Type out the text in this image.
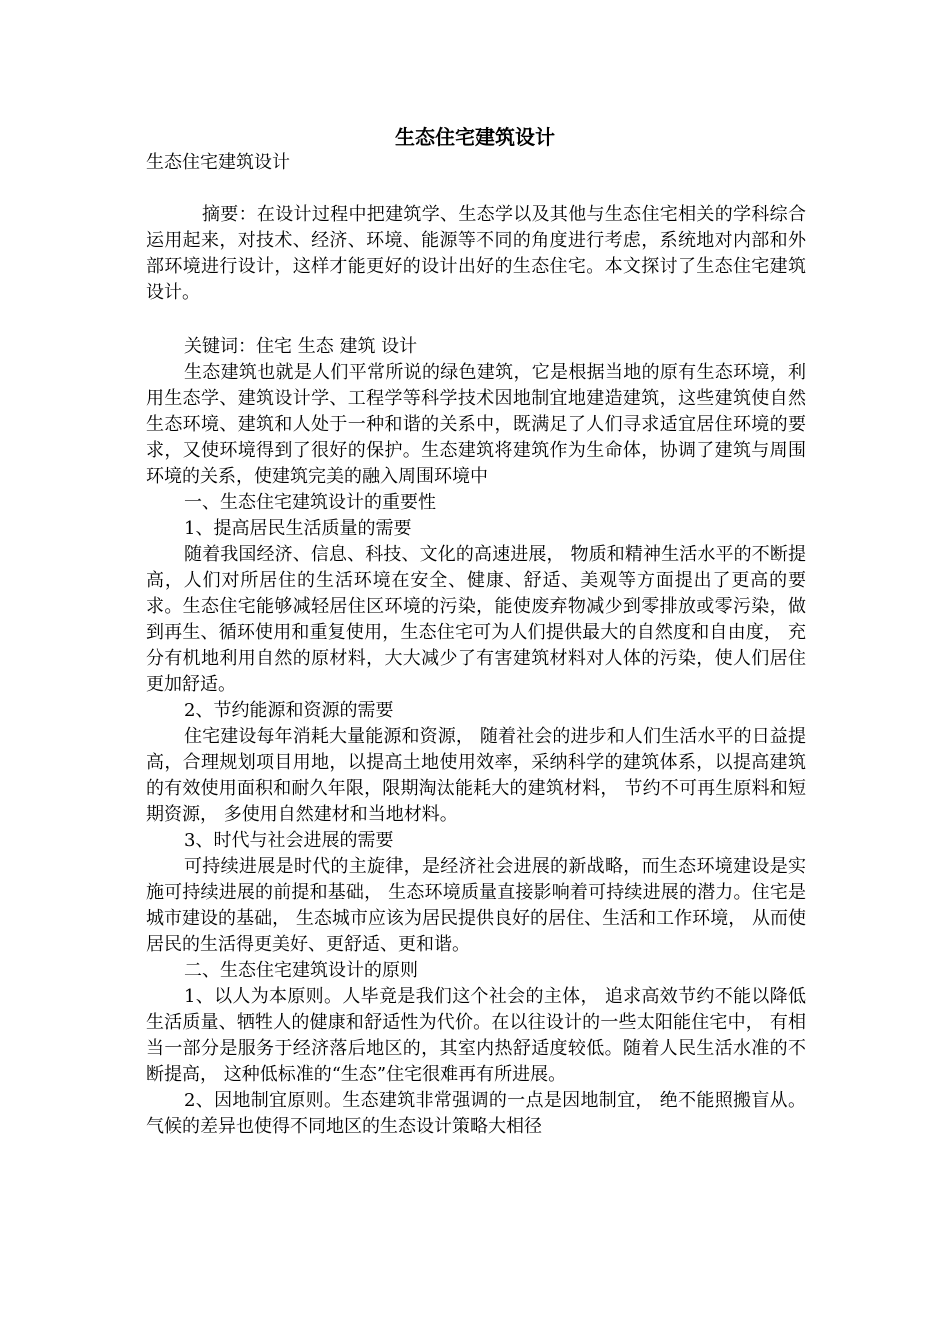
生态住宅建筑设计

生态住宅建筑设计

摘要：在设计过程中把建筑学、生态学以及其他与生态住宅相关的学科综合运用起来，对技术、经济、环境、能源等不同的角度进行考虑，系统地对内部和外部环境进行设计，这样才能更好的设计出好的生态住宅。本文探讨了生态住宅建筑设计。

关键词：住宅 生态 建筑 设计

生态建筑也就是人们平常所说的绿色建筑，它是根据当地的原有生态环境，利用生态学、建筑设计学、工程学等科学技术因地制宜地建造建筑，这些建筑使自然生态环境、建筑和人处于一种和谐的关系中，既满足了人们寻求适宜居住环境的要求，又使环境得到了很好的保护。生态建筑将建筑作为生命体，协调了建筑与周围环境的关系，使建筑完美的融入周围环境中

一、生态住宅建筑设计的重要性

1、提高居民生活质量的需要

随着我国经济、信息、科技、文化的高速进展， 物质和精神生活水平的不断提高，人们对所居住的生活环境在安全、健康、舒适、美观等方面提出了更高的要求。生态住宅能够减轻居住区环境的污染，能使废弃物减少到零排放或零污染，做到再生、循环使用和重复使用，生态住宅可为人们提供最大的自然度和自由度， 充分有机地利用自然的原材料，大大减少了有害建筑材料对人体的污染，使人们居住更加舒适。

2、节约能源和资源的需要

住宅建设每年消耗大量能源和资源， 随着社会的进步和人们生活水平的日益提高，合理规划项目用地，以提高土地使用效率，采纳科学的建筑体系，以提高建筑的有效使用面积和耐久年限，限期淘汰能耗大的建筑材料， 节约不可再生原料和短期资源， 多使用自然建材和当地材料。

3、时代与社会进展的需要

可持续进展是时代的主旋律，是经济社会进展的新战略，而生态环境建设是实施可持续进展的前提和基础， 生态环境质量直接影响着可持续进展的潜力。住宅是城市建设的基础， 生态城市应该为居民提供良好的居住、生活和工作环境， 从而使居民的生活得更美好、更舒适、更和谐。

二、生态住宅建筑设计的原则

1、以人为本原则。人毕竟是我们这个社会的主体， 追求高效节约不能以降低生活质量、牺牲人的健康和舒适性为代价。在以往设计的一些太阳能住宅中， 有相当一部分是服务于经济落后地区的，其室内热舒适度较低。随着人民生活水准的不断提高， 这种低标准的“生态”住宅很难再有所进展。

2、因地制宜原则。生态建筑非常强调的一点是因地制宜， 绝不能照搬盲从。气候的差异也使得不同地区的生态设计策略大相径
